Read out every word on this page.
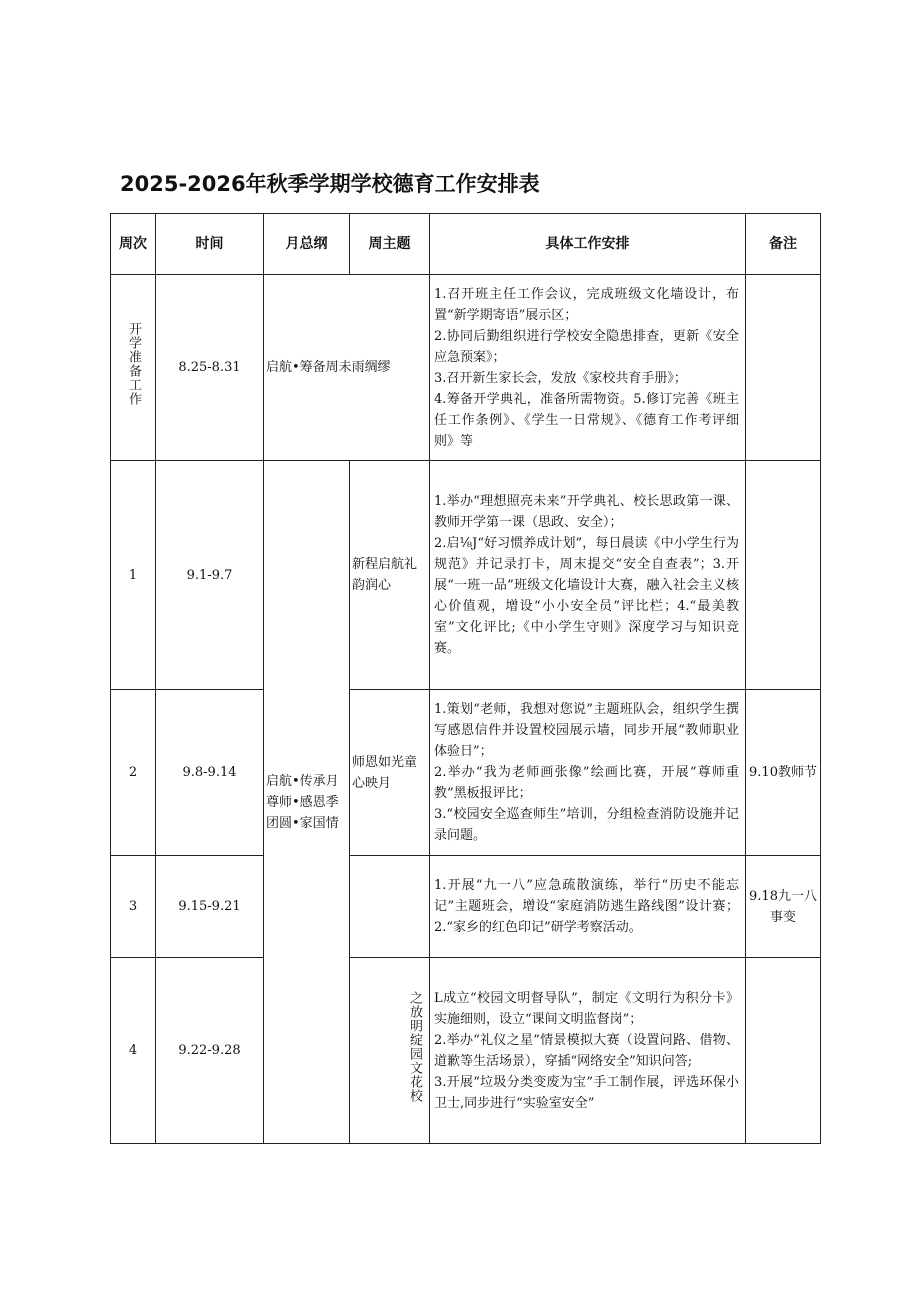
2025-2026年秋季学期学校德育工作安排表
周次	时间	月总纲	周主题	具体工作安排	备注
开学准备工作	8.25-8.31	启航•筹备周未雨绸缪		1.召开班主任工作会议，完成班级文化墙设计，布置“新学期寄语”展示区；
2.协同后勤组织进行学校安全隐患排查，更新《安全应急预案》；
3.召开新生家长会，发放《家校共育手册》；
4.筹备开学典礼，准备所需物资。5.修订完善《班主任工作条例》、《学生一日常规》、《德育工作考评细则》等	

1	9.1-9.7	启航•传承月
尊师•感恩季
团圆•家国情	新程启航礼韵润心	1.举办“理想照亮未来”开学典礼、校长思政第一课、教师开学第一课（思政、安全）；
2.启⅛J“好习惯养成计划”，每日晨读《中小学生行为规范》并记录打卡，周末提交“安全自查表”；3.开展“一班一品”班级文化墙设计大赛，融入社会主义核心价值观，增设“小小安全员”评比栏；4.“最美教室”文化评比;《中小学生守则》深度学习与知识竞赛。	

2	9.8-9.14		师恩如光童心映月	1.策划“老师，我想对您说”主题班队会，组织学生撰写感恩信件并设置校园展示墙，同步开展“教师职业体验日”；
2.举办“我为老师画张像”绘画比赛，开展“尊师重教”黑板报评比；
3.“校园安全巡查师生”培训，分组检查消防设施并记录问题。	9.10教师节
3	9.15-9.21			1.开展“九一八”应急疏散演练，举行“历史不能忘记”主题班会，增设“家庭消防逃生路线图”设计赛；2.“家乡的红色印记”研学考察活动。	9.18九一八事变
4	9.22-9.28		之放明绽园文花校	L成立“校园文明督导队”，制定《文明行为积分卡》实施细则，设立“课间文明监督岗”；
2.举办“礼仪之星”情景模拟大赛（设置问路、借物、道歉等生活场景），穿插“网络安全”知识问答;
3.开展“垃圾分类变废为宝”手工制作展，评选环保小卫士,同步进行“实验室安全”	
